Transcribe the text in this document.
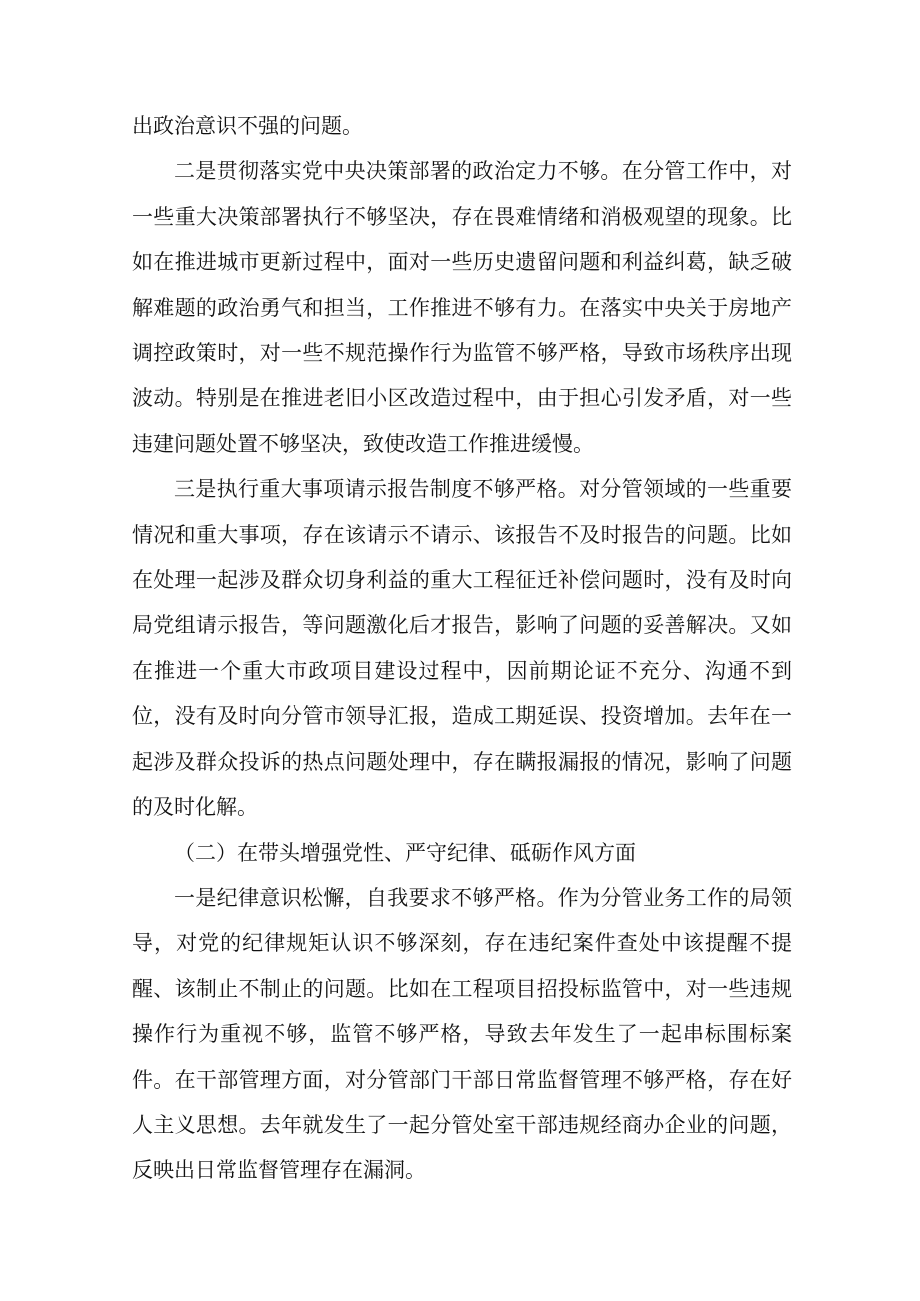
出政治意识不强的问题。

二是贯彻落实党中央决策部署的政治定力不够。在分管工作中，对一些重大决策部署执行不够坚决，存在畏难情绪和消极观望的现象。比如在推进城市更新过程中，面对一些历史遗留问题和利益纠葛，缺乏破解难题的政治勇气和担当，工作推进不够有力。在落实中央关于房地产调控政策时，对一些不规范操作行为监管不够严格，导致市场秩序出现波动。特别是在推进老旧小区改造过程中，由于担心引发矛盾，对一些违建问题处置不够坚决，致使改造工作推进缓慢。

三是执行重大事项请示报告制度不够严格。对分管领域的一些重要情况和重大事项，存在该请示不请示、该报告不及时报告的问题。比如在处理一起涉及群众切身利益的重大工程征迁补偿问题时，没有及时向局党组请示报告，等问题激化后才报告，影响了问题的妥善解决。又如在推进一个重大市政项目建设过程中，因前期论证不充分、沟通不到位，没有及时向分管市领导汇报，造成工期延误、投资增加。去年在一起涉及群众投诉的热点问题处理中，存在瞒报漏报的情况，影响了问题的及时化解。

（二）在带头增强党性、严守纪律、砥砺作风方面

一是纪律意识松懈，自我要求不够严格。作为分管业务工作的局领导，对党的纪律规矩认识不够深刻，存在违纪案件查处中该提醒不提醒、该制止不制止的问题。比如在工程项目招投标监管中，对一些违规操作行为重视不够，监管不够严格，导致去年发生了一起串标围标案件。在干部管理方面，对分管部门干部日常监督管理不够严格，存在好人主义思想。去年就发生了一起分管处室干部违规经商办企业的问题，反映出日常监督管理存在漏洞。
